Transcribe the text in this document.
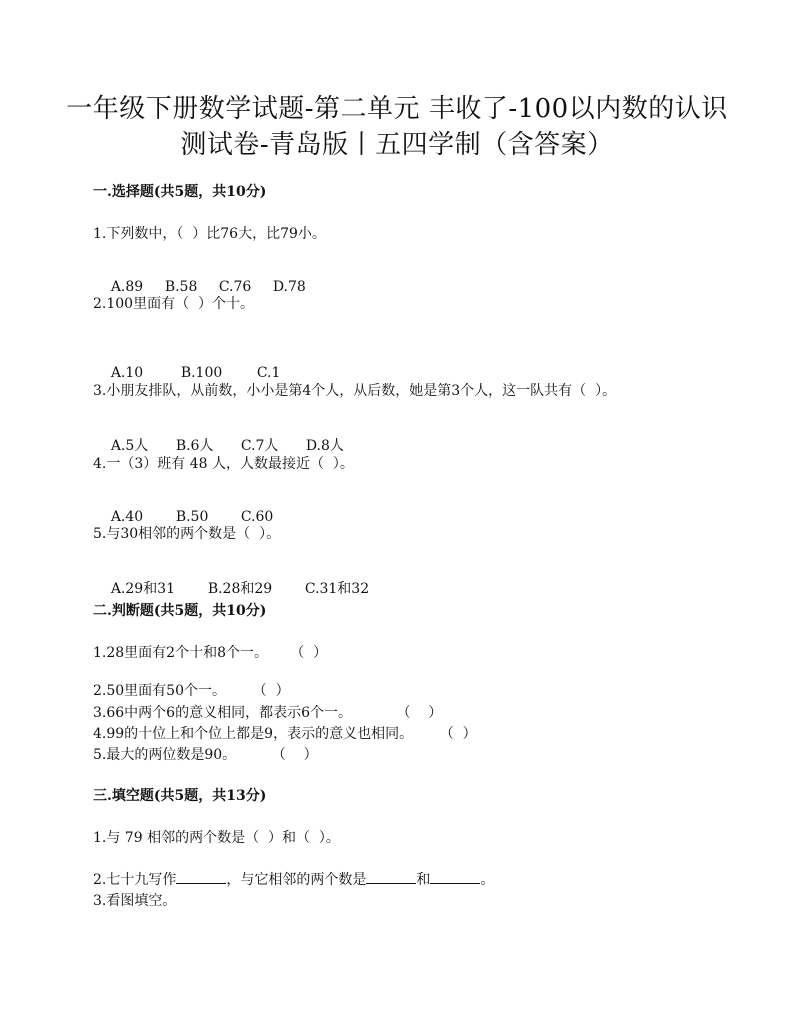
一年级下册数学试题-第二单元 丰收了-100以内数的认识
测试卷-青岛版丨五四学制（含答案）
一.选择题(共5题，共10分)
1.下列数中，（  ）比76大，比79小。

A.89 B.58 C.76 D.78

2.100里面有（  ）个十。

A.10	B.100 C.1

3.小朋友排队，从前数，小小是第4个人，从后数，她是第3个人，这一队共有（  ）。

A.5人 B.6人 C.7人 D.8人

4.一（3）班有 48 人，人数最接近（  ）。

A.40 B.50 C.60

5.与30相邻的两个数是（  ）。

A.29和31 B.28和29 C.31和32

二.判断题(共5题，共10分)
1.28里面有2个十和8个一。     （  ）
2.50里面有50个一。      （  ）
3.66中两个6的意义相同，都表示6个一。          （    ）
4.99的十位上和个位上都是9，表示的意义也相同。      （  ）
5.最大的两位数是90。        （    ）
三.填空题(共5题，共13分)
1.与 79 相邻的两个数是（  ）和（  ）。
2.七十九写作	，与它相邻的两个数是	和	。
3.看图填空。
